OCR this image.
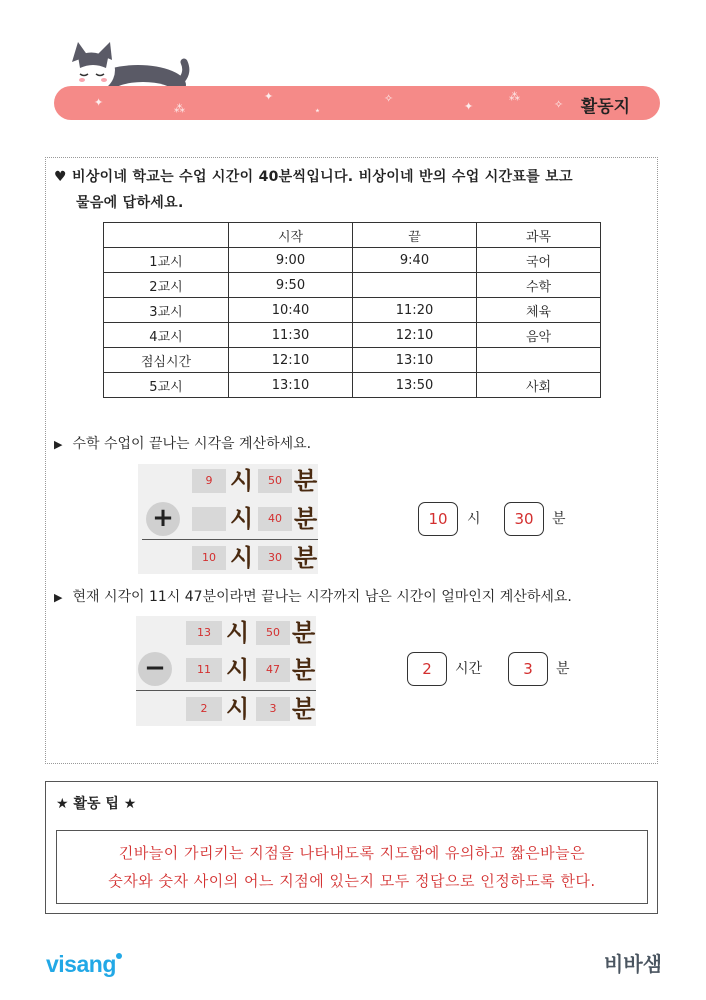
✦	⁂
✦
⋆
✧
✦
⁂
✧ 활동지
♥ 비상이네 학교는 수업 시간이 40분씩입니다. 비상이네 반의 수업 시간표를 보고
물음에 답하세요.
	시작	끝	과목
1교시	9:00	9:40	국어
2교시	9:50		수학
3교시	10:40	11:20	체육
4교시	11:30	12:10	음악
점심시간	12:10	13:10	
5교시	13:10	13:50	사회
▶ 수학 수업이 끝나는 시각을 계산하세요.
9 시	50 분
+ 시	40 분
10 시	30 분
10	시	30	분
▶ 현재 시각이 11시 47분이라면 끝나는 시각까지 남은 시간이 얼마인지 계산하세요.
13 시	50 분
−	11 시	47 분
2 시	3 분
2	시간	3	분
★ 활동 팁 ★
긴바늘이 가리키는 지점을 나타내도록 지도함에 유의하고 짧은바늘은
숫자와 숫자 사이의 어느 지점에 있는지 모두 정답으로 인정하도록 한다.
visang	비바샘
